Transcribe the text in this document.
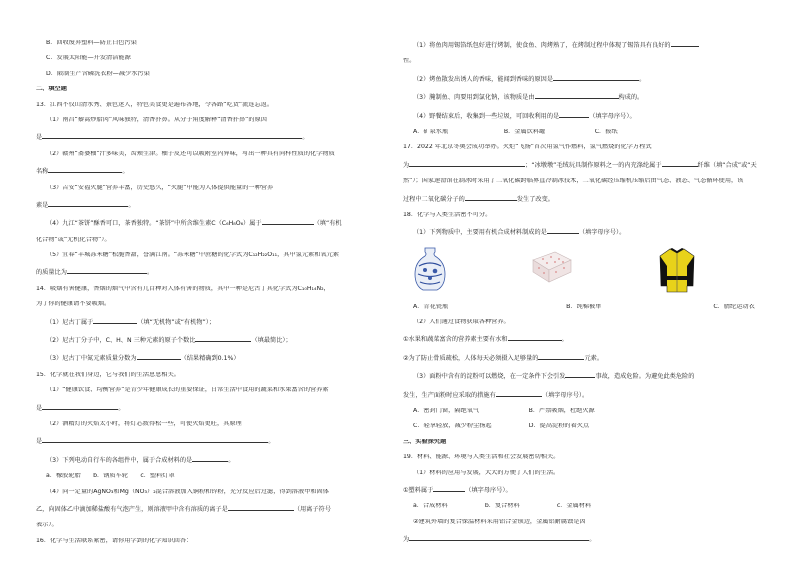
B．回收废弃塑料—防止白色污染
C．发展太阳能—开发清洁能源
D．限制生产含磷洗衣粉—减少水污染
二、填空题
13．江西不仅山清水秀、景色迷人，特色美食更是遍布各地，令各路“吃货”流连忘返。
（1）南昌“藜蒿炒腊肉”风味独特，清香扑鼻。从分子角度解释“清香扑鼻”的原因
是	。
（2）赣州“斋婆柚”汁多味美，齿颊生津。柚子皮还可以吸附室内异味，写出一种具有同样性质的化学物质
名称	。
（3）吉安“安福火腿”营养丰富，历史悠久，“火腿”中能为人体提供能量的一种营养
素是	。
（4）九江“茶饼”酥香可口，茶香独特。“茶饼”中所含维生素C（C₆H₈O₆）属于	（填“有机
化合物”或“无机化合物”）。
（5）宜春“丰城冻米糖”松脆香甜，誉满江南。“冻米糖”中蔗糖的化学式为C₁₂H₂₂O₁₁，其中氢元素和氧元素
的质量比为	。
14．吸烟有害健康，香烟的烟气中含有几百种对人体有害的物质，其中一种是尼古丁其化学式为C₁₀H₁₄N₂，
为了你的健康请不要吸烟。
（1）尼古丁属于	（填“无机物”或“有机物”）；
（2）尼古丁分子中，C、H、N 三种元素的原子个数比	（填最简比）；
（3）尼古丁中氮元素质量分数为	（结果精确到0.1%）
15．化学就在我们身边，它与我们的生活息息相关。
（1）“健康饮食、均衡营养”是青少年健康成长的重要保证，日常生活中食用的蔬菜和水果富含的营养素
是	。
（2）酒精灯的火焰太小时，将灯芯拨得松一些，可使火焰更旺，其原理
是	。
（3）下列电动自行车的各组件中，属于合成材料的是	。
a．橡胶轮胎　　b．钢质车轮　　c．塑料灯罩
（4）向一定量的AgNO₃和Mg（NO₃）₂混合溶液加入铜粉和锌粉，充分反应后过滤，得到溶液甲和固体
乙，向固体乙中滴加稀盐酸有气泡产生，则溶液甲中含有溶质的离子是	（用离子符号
表示）。
16．化学与生活联系紧密，请你用学到的化学知识回答：
（1）将鱼肉用锡箔纸包好进行烤制，使食鱼、肉烤熟了，在烤制过程中体现了锡箔具有良好的
性。
（2）烤鱼散发出诱人的香味，能闻到香味的原因是	。
（3）腌制鱼、肉要用到氯化钠，该物质是由	构成的。
（4）野餐结束后，收集到一些垃圾，可回收利用的是	（填字母序号）。
A．矿泉水瓶　　　　　　　　　B．金属饮料罐　　　　　　　　C．报纸
17．2022 年北京冬奥会成功举办。火炬“飞扬”首次用氢气作燃料，氢气燃烧的化学方程式
为	；“冰墩墩”毛绒玩具制作原料之一的内充涤纶属于	纤维（填“合成”或“天
然”）；国家速滑馆在制冰时采用了二氧化碳跨临界直冷制冰技术，二氧化碳经压缩机压缩后由气态、液态、气态循环使用，该
过程中二氧化碳分子的	发生了改变。
18．化学与人类生活密不可分。
（1）下列物质中，主要用有机合成材料制成的是	（填字母序号）。
A．青花瓷瓶	B．纯棉被单	C．腈纶运动衣
（2）人们通过食物获取各种营养。
①水果和蔬菜富含的营养素主要有水和	。
②为了防止骨质疏松，人体每天必须摄入足够量的	元素。
（3）面粉中含有的淀粉可以燃烧，在一定条件下会引发	事故，造成危险。为避免此类危险的
发生，生产面粉时应采取的措施有	（填字母序号）。
A．密封门窗，隔绝氧气　　　　　　　　B．严禁吸烟，杜绝火源
C．轻拿轻放，减少粉尘扬起　　　　　　D．提高淀粉的着火点
三、实验探究题
19．材料、能源、环境与人类生活和社会发展密切相关。
（1）材料的应用与发展，大大的方便了人们的生活。
①塑料属于	（填字母序号）。
a．合成材料　　　　　　b．复合材料　　　　　　c．金属材料
②建筑外墙的复合保温材料采用铝合金锁边，金属铝耐腐蚀是因
为	。
